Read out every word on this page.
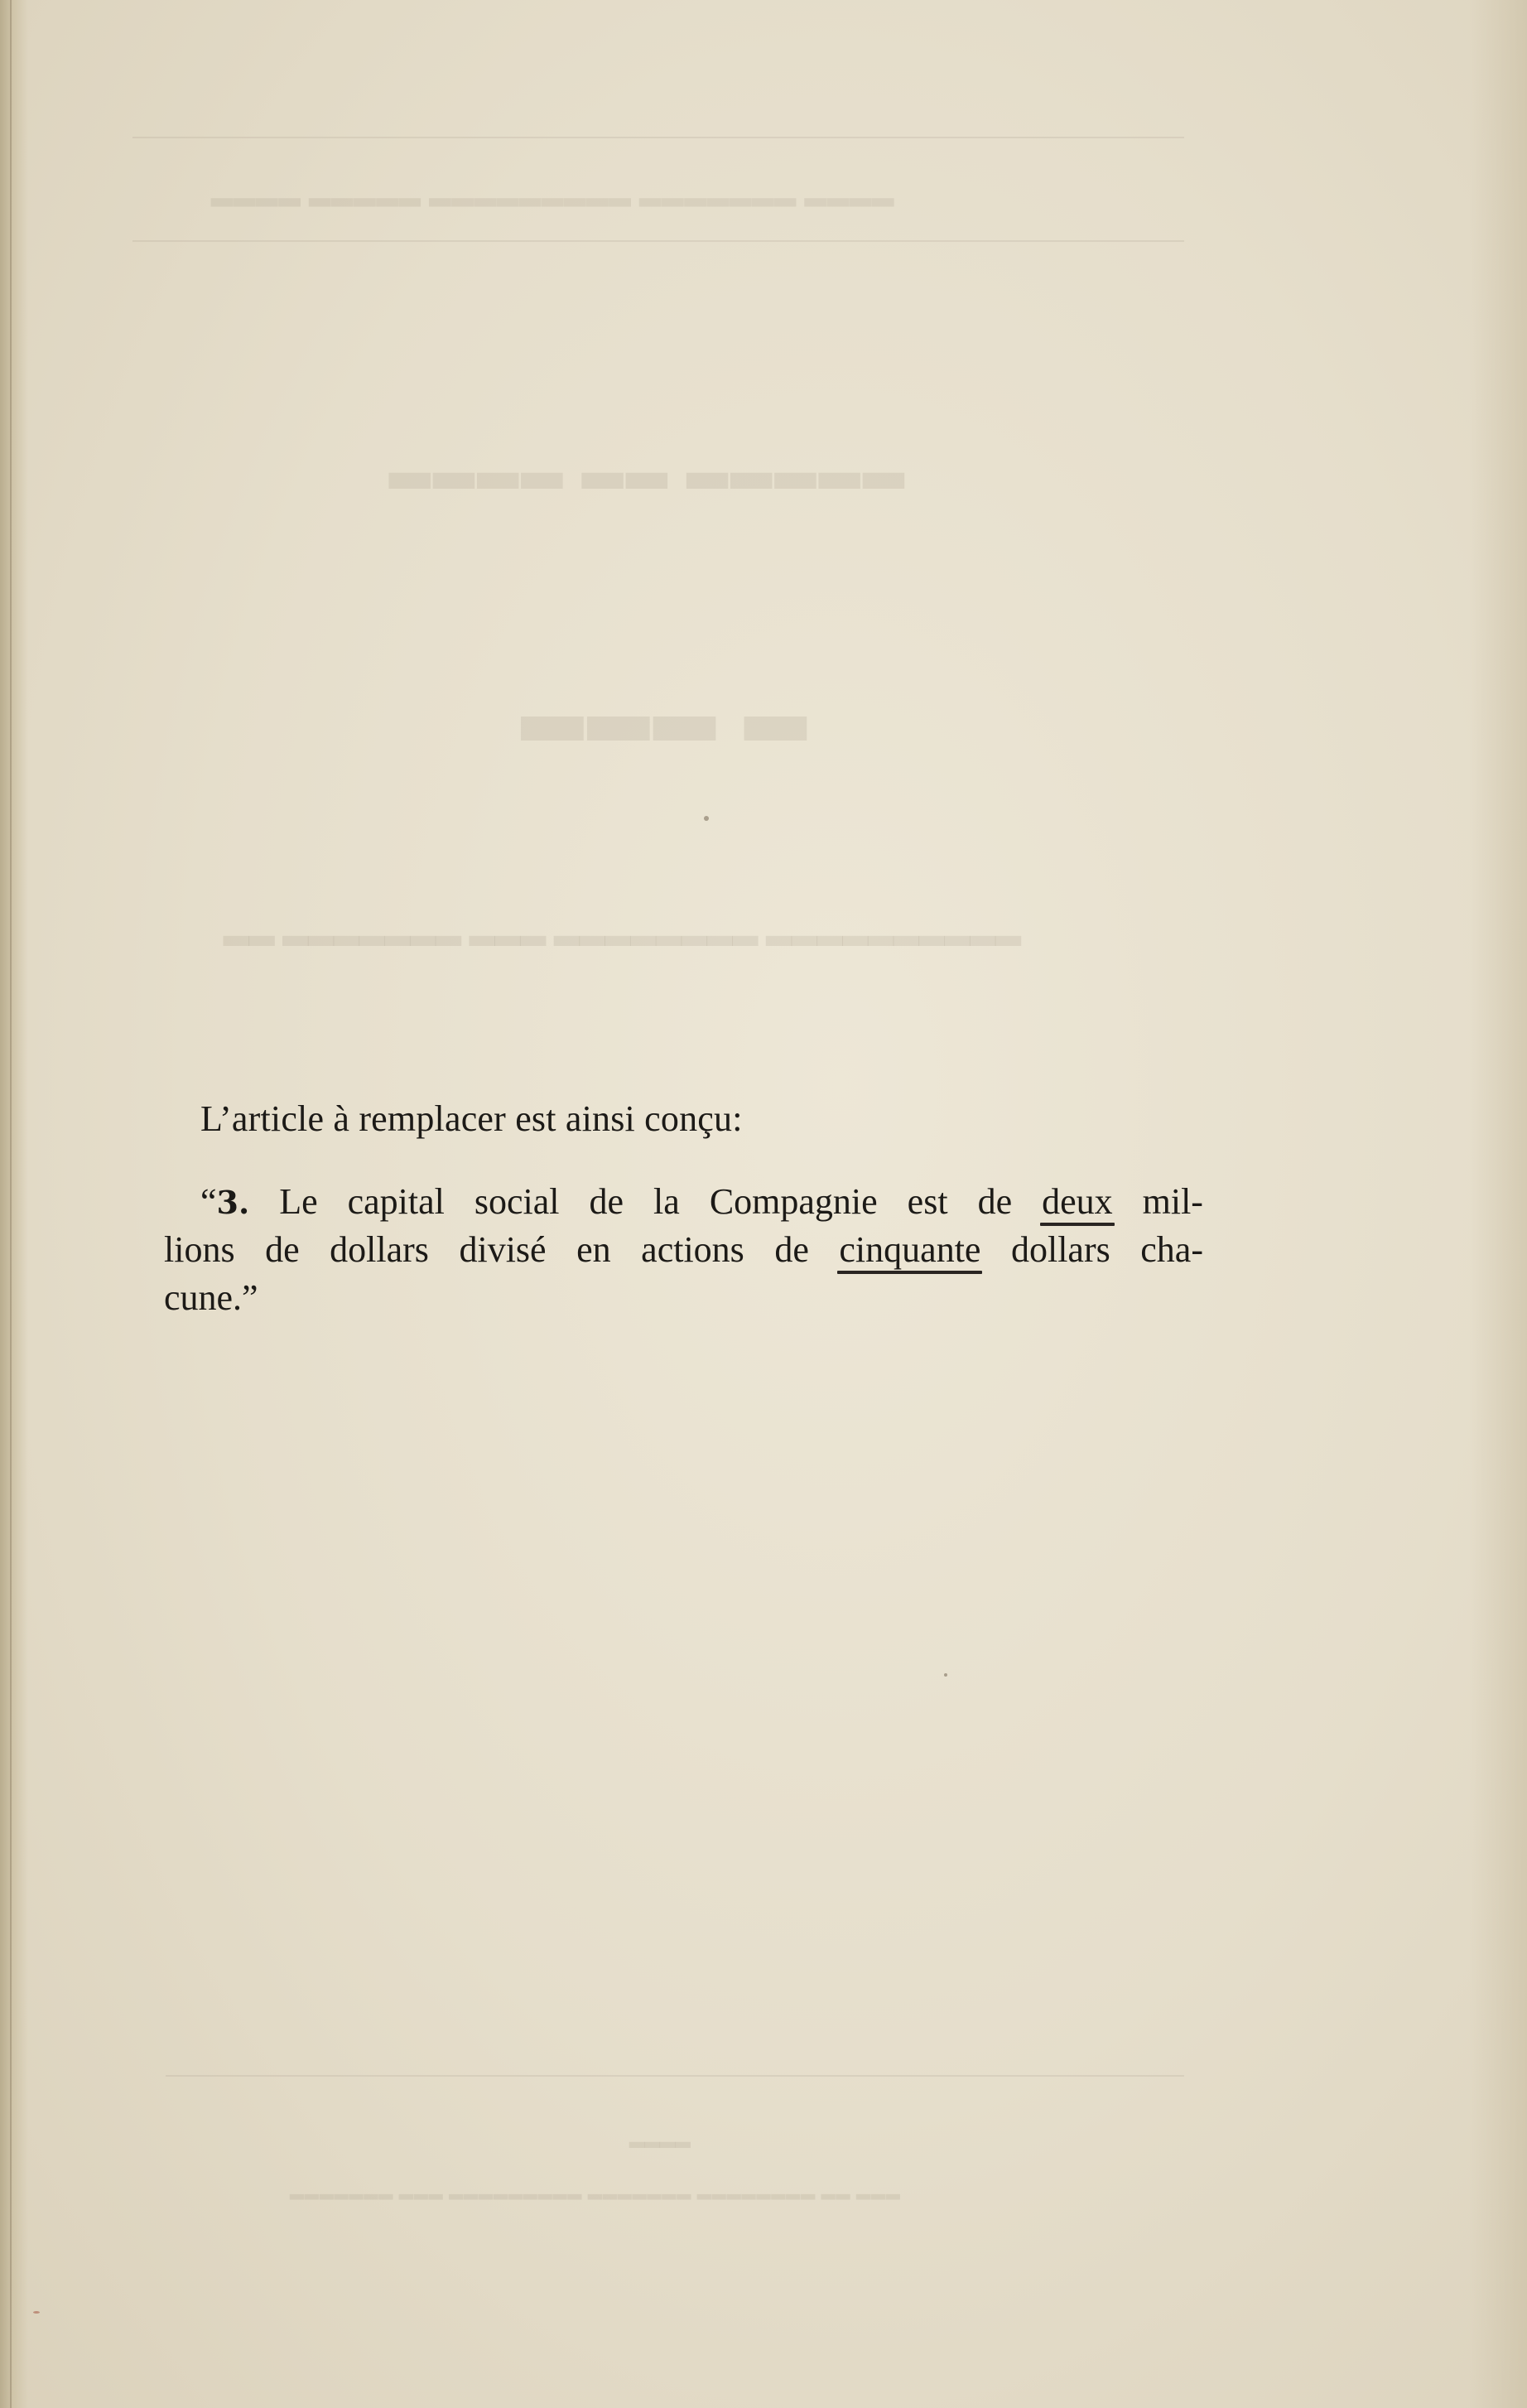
▂▂▂▂ ▂▂▂▂▂ ▂▂▂▂▂▂▂▂▂ ▂▂▂▂▂▂▂ ▂▂▂▂
▂▂▂▂ ▂▂ ▂▂▂▂▂
▂▂▂ ▂
▂▂ ▂▂▂▂▂▂▂ ▂▂▂ ▂▂▂▂▂▂▂▂ ▂▂▂▂▂▂▂▂▂▂
▂▂▂▂
▂▂▂▂▂▂▂ ▂▂▂ ▂▂▂▂▂▂▂▂▂ ▂▂▂▂▂▂▂ ▂▂▂▂▂▂▂▂ ▂▂ ▂▂▂
L’article à remplacer est ainsi conçu:
“3. Le capital social de la Compagnie est de deux mil-
lions de dollars divisé en actions de cinquante dollars cha-
cune.”
